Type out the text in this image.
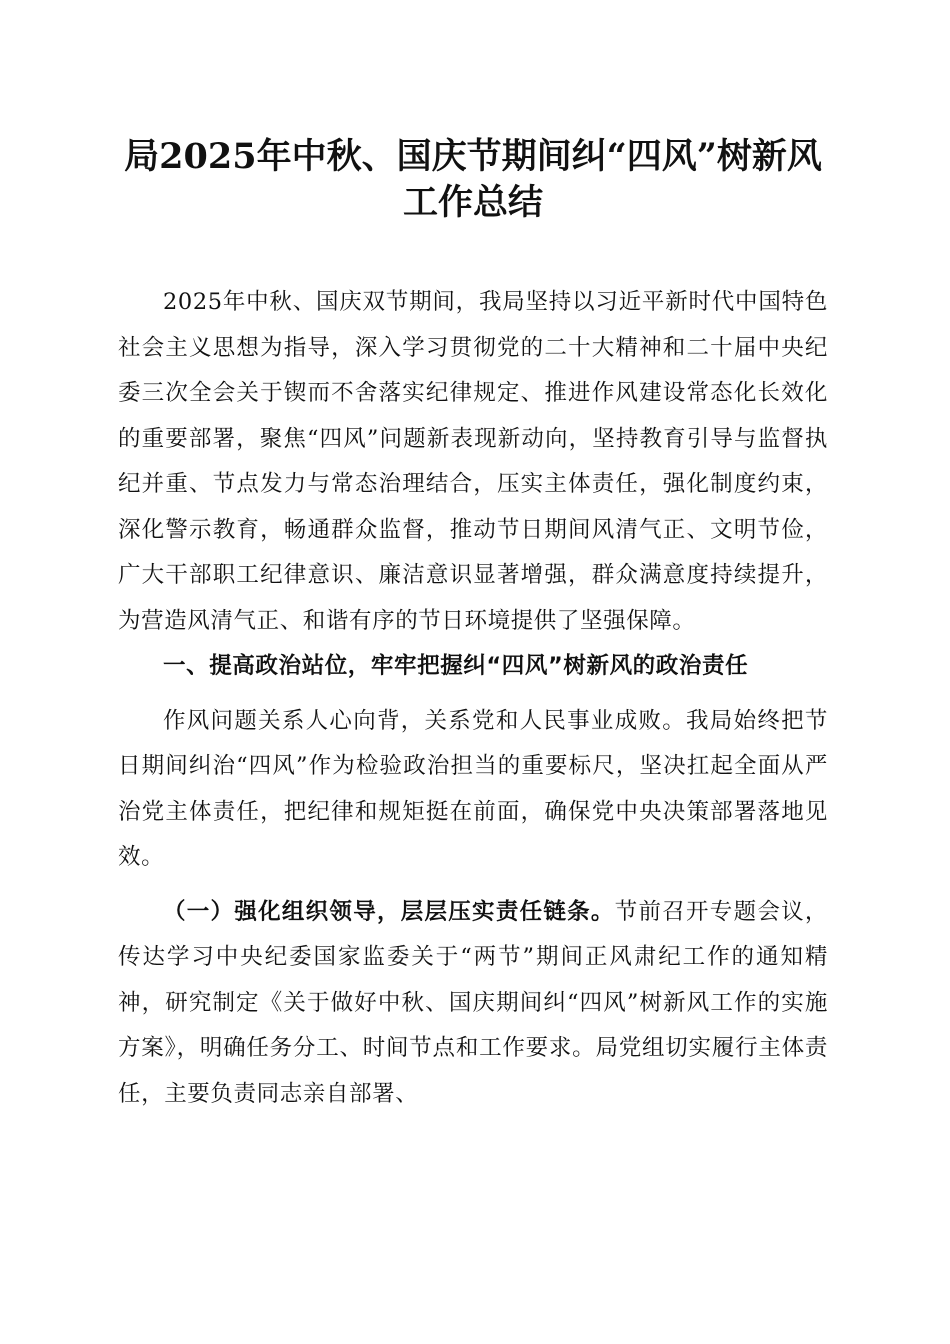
局2025年中秋、国庆节期间纠“四风”树新风工作总结

2025年中秋、国庆双节期间，我局坚持以习近平新时代中国特色社会主义思想为指导，深入学习贯彻党的二十大精神和二十届中央纪委三次全会关于锲而不舍落实纪律规定、推进作风建设常态化长效化的重要部署，聚焦“四风”问题新表现新动向，坚持教育引导与监督执纪并重、节点发力与常态治理结合，压实主体责任，强化制度约束，深化警示教育，畅通群众监督，推动节日期间风清气正、文明节俭，广大干部职工纪律意识、廉洁意识显著增强，群众满意度持续提升，为营造风清气正、和谐有序的节日环境提供了坚强保障。

一、提高政治站位，牢牢把握纠“四风”树新风的政治责任

作风问题关系人心向背，关系党和人民事业成败。我局始终把节日期间纠治“四风”作为检验政治担当的重要标尺，坚决扛起全面从严治党主体责任，把纪律和规矩挺在前面，确保党中央决策部署落地见效。

（一）强化组织领导，层层压实责任链条。节前召开专题会议，传达学习中央纪委国家监委关于“两节”期间正风肃纪工作的通知精神，研究制定《关于做好中秋、国庆期间纠“四风”树新风工作的实施方案》，明确任务分工、时间节点和工作要求。局党组切实履行主体责任，主要负责同志亲自部署、
